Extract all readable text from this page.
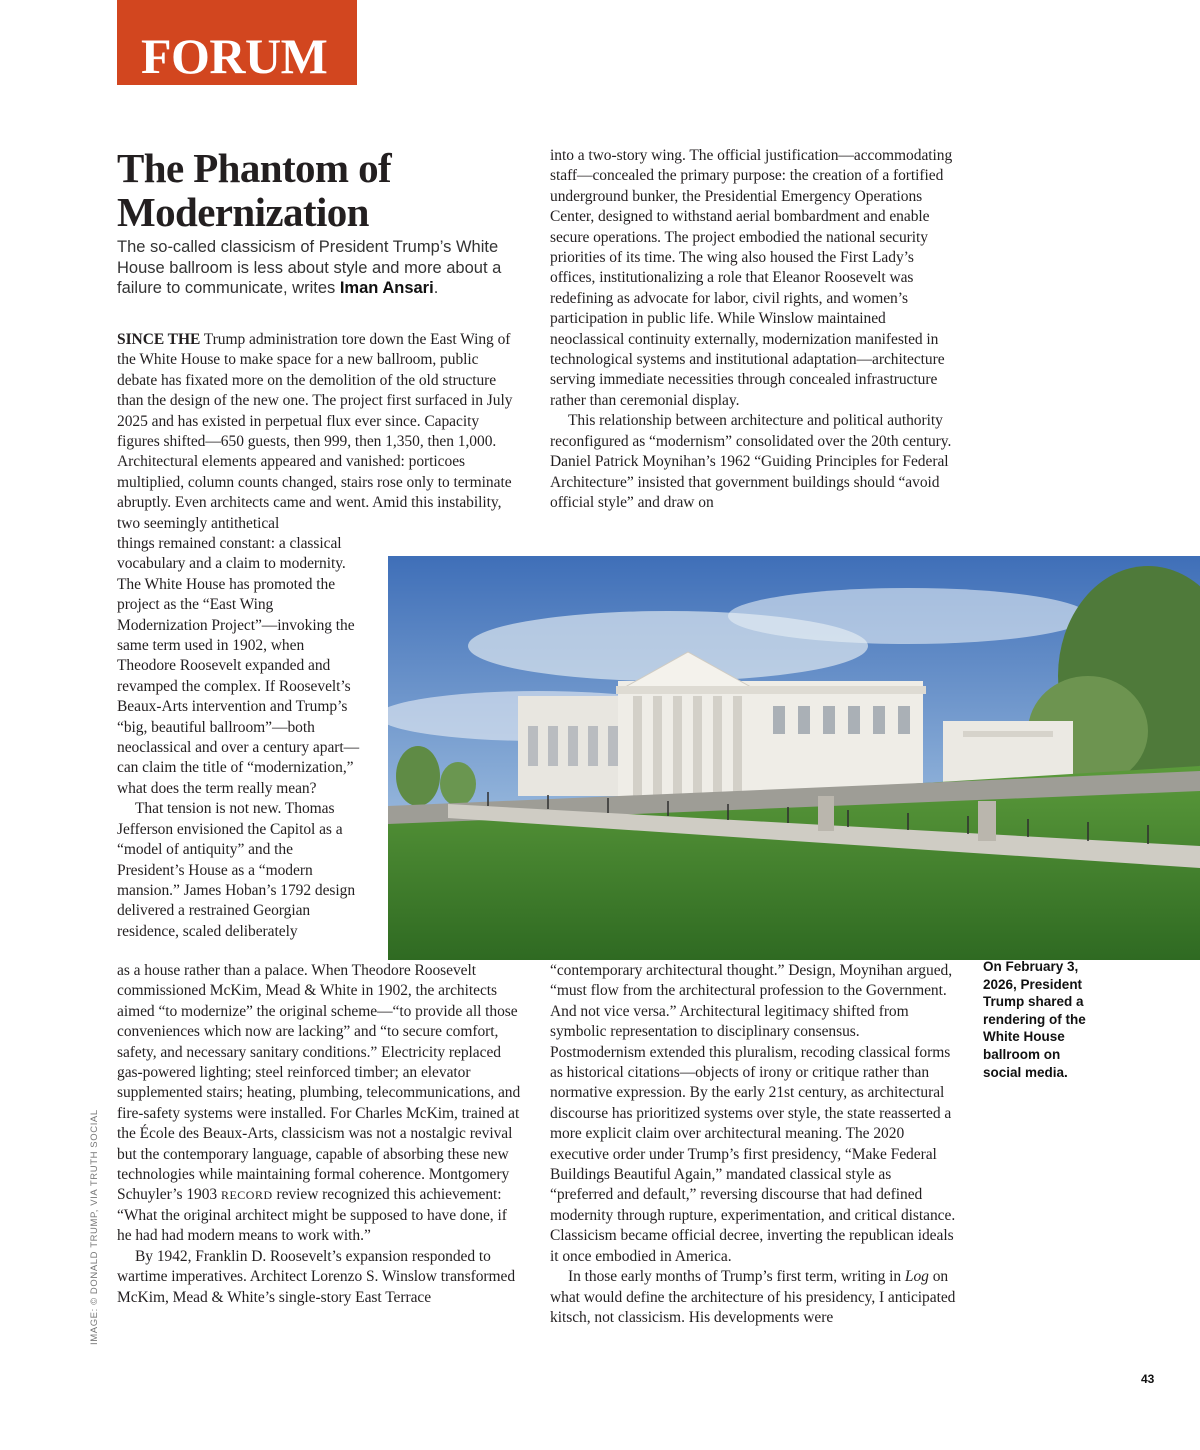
FORUM
The Phantom of Modernization
The so-called classicism of President Trump’s White House ballroom is less about style and more about a failure to communicate, writes Iman Ansari.

SINCE THE Trump administration tore down the East Wing of the White House to make space for a new ballroom, public debate has fixated more on the demolition of the old structure than the design of the new one. The project first surfaced in July 2025 and has existed in perpetual flux ever since. Capacity figures shifted—650 guests, then 999, then 1,350, then 1,000. Architectural elements appeared and vanished: porticoes multiplied, column counts changed, stairs rose only to terminate abruptly. Even architects came and went. Amid this instability, two seemingly antithetical

things remained constant: a classical vocabulary and a claim to modernity. The White House has promoted the project as the “East Wing Modernization Project”—invoking the same term used in 1902, when Theodore Roosevelt expanded and revamped the complex. If Roosevelt’s Beaux-Arts intervention and Trump’s “big, beautiful ballroom”—both neoclassical and over a century apart—can claim the title of “modernization,” what does the term really mean?

That tension is not new. Thomas Jefferson envisioned the Capitol as a “model of antiquity” and the President’s House as a “modern mansion.” James Hoban’s 1792 design delivered a restrained Georgian residence, scaled deliberately

as a house rather than a palace. When Theodore Roosevelt commissioned McKim, Mead & White in 1902, the architects aimed “to modernize” the original scheme—“to provide all those conveniences which now are lacking” and “to secure comfort, safety, and necessary sanitary conditions.” Electricity replaced gas-powered lighting; steel reinforced timber; an elevator supplemented stairs; heating, plumbing, telecommunications, and fire-safety systems were installed. For Charles McKim, trained at the École des Beaux-Arts, classicism was not a nostalgic revival but the contemporary language, capable of absorbing these new technologies while maintaining formal coherence. Montgomery Schuyler’s 1903 RECORD review recognized this achievement: “What the original architect might be supposed to have done, if he had had modern means to work with.”

By 1942, Franklin D. Roosevelt’s expansion responded to wartime imperatives. Architect Lorenzo S. Winslow transformed McKim, Mead & White’s single-story East Terrace

into a two-story wing. The official justification—accommodating staff—concealed the primary purpose: the creation of a fortified underground bunker, the Presidential Emergency Operations Center, designed to withstand aerial bombardment and enable secure operations. The project embodied the national security priorities of its time. The wing also housed the First Lady’s offices, institutionalizing a role that Eleanor Roosevelt was redefining as advocate for labor, civil rights, and women’s participation in public life. While Winslow maintained neoclassical continuity externally, modernization manifested in technological systems and institutional adaptation—architecture serving immediate necessities through concealed infrastructure rather than ceremonial display.

This relationship between architecture and political authority reconfigured as “modernism” consolidated over the 20th century. Daniel Patrick Moynihan’s 1962 “Guiding Principles for Federal Architecture” insisted that government buildings should “avoid official style” and draw on

“contemporary architectural thought.” Design, Moynihan argued, “must flow from the architectural profession to the Government. And not vice versa.” Architectural legitimacy shifted from symbolic representation to disciplinary consensus. Postmodernism extended this pluralism, recoding classical forms as historical citations—objects of irony or critique rather than normative expression. By the early 21st century, as architectural discourse has prioritized systems over style, the state reasserted a more explicit claim over architectural meaning. The 2020 executive order under Trump’s first presidency, “Make Federal Buildings Beautiful Again,” mandated classical style as “preferred and default,” reversing discourse that had defined modernity through rupture, experimentation, and critical distance. Classicism became official decree, inverting the republican ideals it once embodied in America.

In those early months of Trump’s first term, writing in Log on what would define the architecture of his presidency, I anticipated kitsch, not classicism. His developments were

On February 3, 2026, President Trump shared a rendering of the White House ballroom on social media.
IMAGE: © DONALD TRUMP, VIA TRUTH SOCIAL
43
